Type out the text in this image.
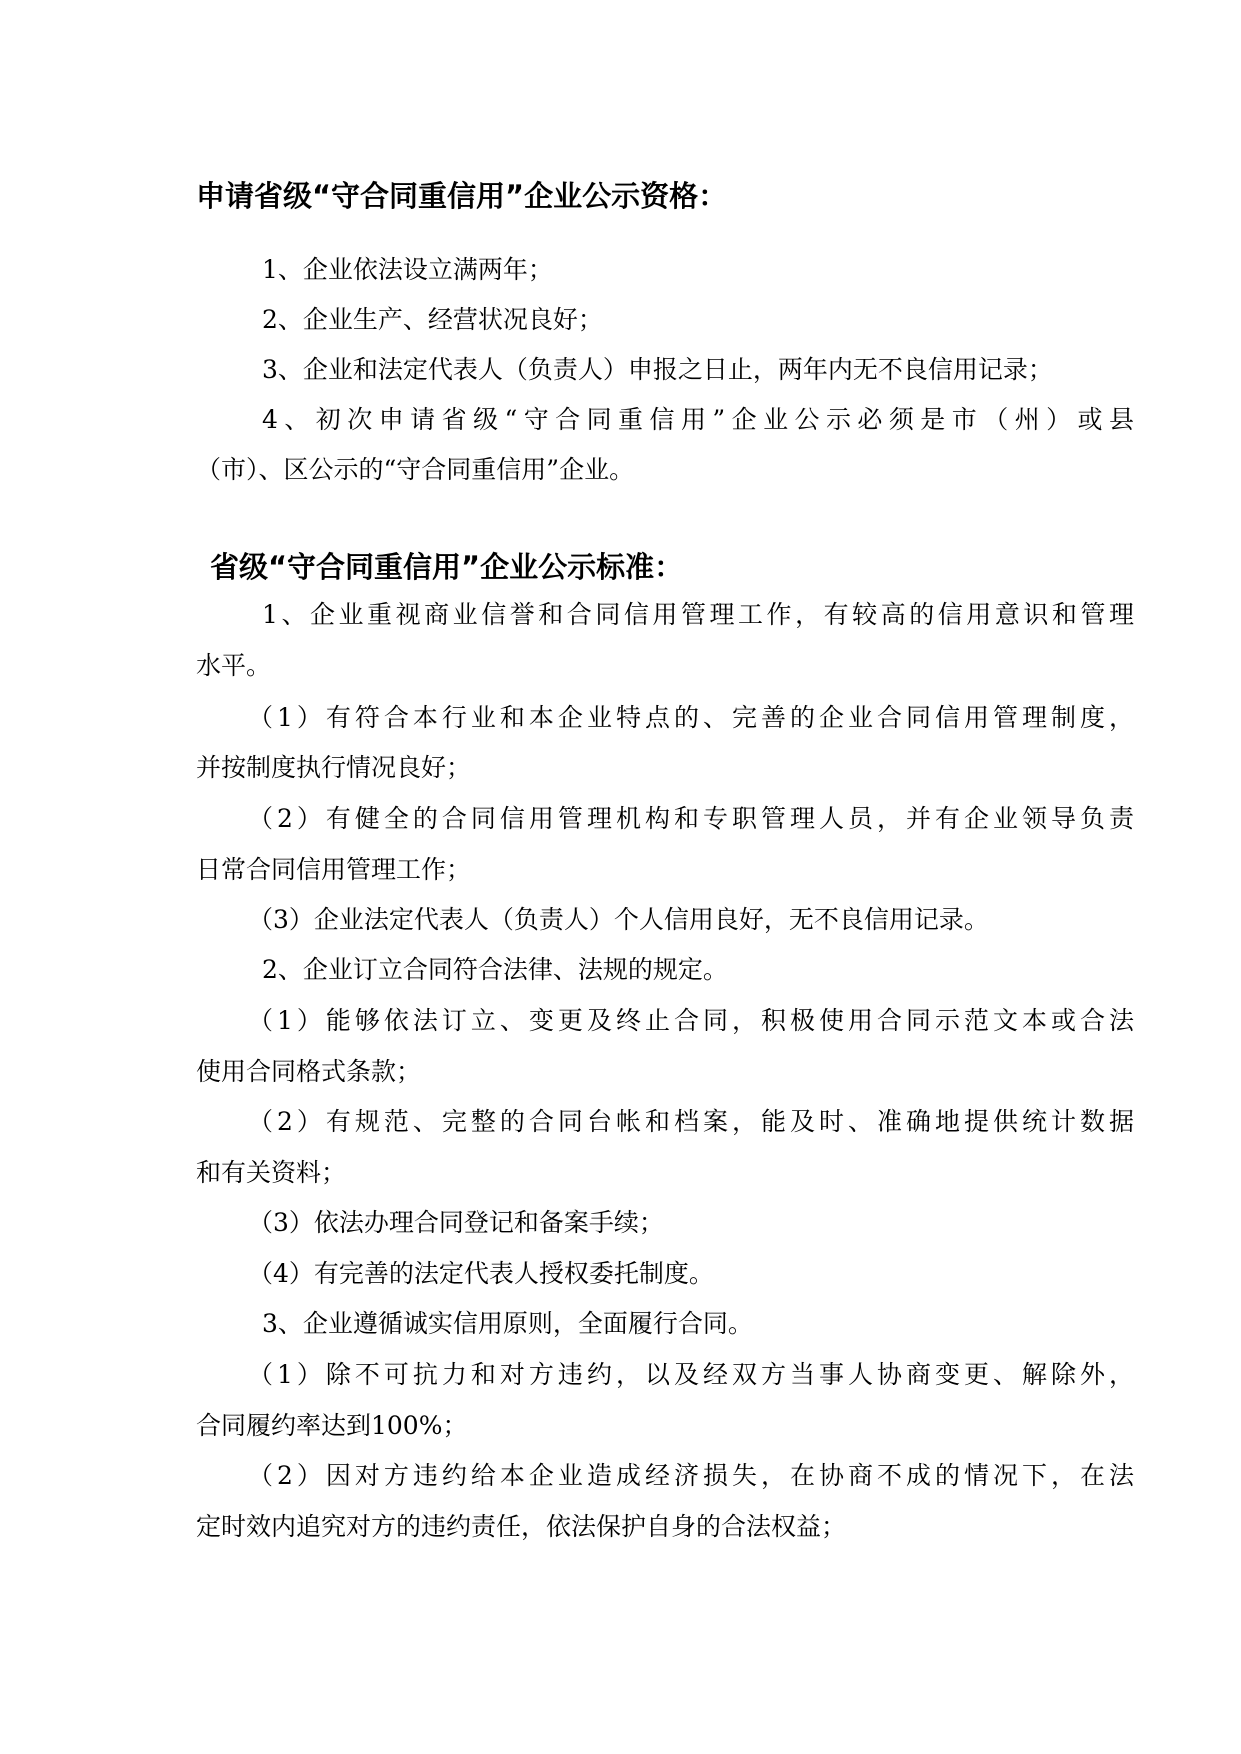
申请省级“守合同重信用”企业公示资格：

1、企业依法设立满两年；

2、企业生产、经营状况良好；

3、企业和法定代表人（负责人）申报之日止，两年内无不良信用记录；

4、初次申请省级“守合同重信用”企业公示必须是市（州）或县

（市）、区公示的“守合同重信用”企业。

省级“守合同重信用”企业公示标准：

1、企业重视商业信誉和合同信用管理工作，有较高的信用意识和管理

水平。

（1）有符合本行业和本企业特点的、完善的企业合同信用管理制度，

并按制度执行情况良好；

（2）有健全的合同信用管理机构和专职管理人员，并有企业领导负责

日常合同信用管理工作；

（3）企业法定代表人（负责人）个人信用良好，无不良信用记录。

2、企业订立合同符合法律、法规的规定。

（1）能够依法订立、变更及终止合同，积极使用合同示范文本或合法

使用合同格式条款；

（2）有规范、完整的合同台帐和档案，能及时、准确地提供统计数据

和有关资料；

（3）依法办理合同登记和备案手续；

（4）有完善的法定代表人授权委托制度。

3、企业遵循诚实信用原则，全面履行合同。

（1）除不可抗力和对方违约，以及经双方当事人协商变更、解除外，

合同履约率达到100%；

（2）因对方违约给本企业造成经济损失，在协商不成的情况下，在法

定时效内追究对方的违约责任，依法保护自身的合法权益；
